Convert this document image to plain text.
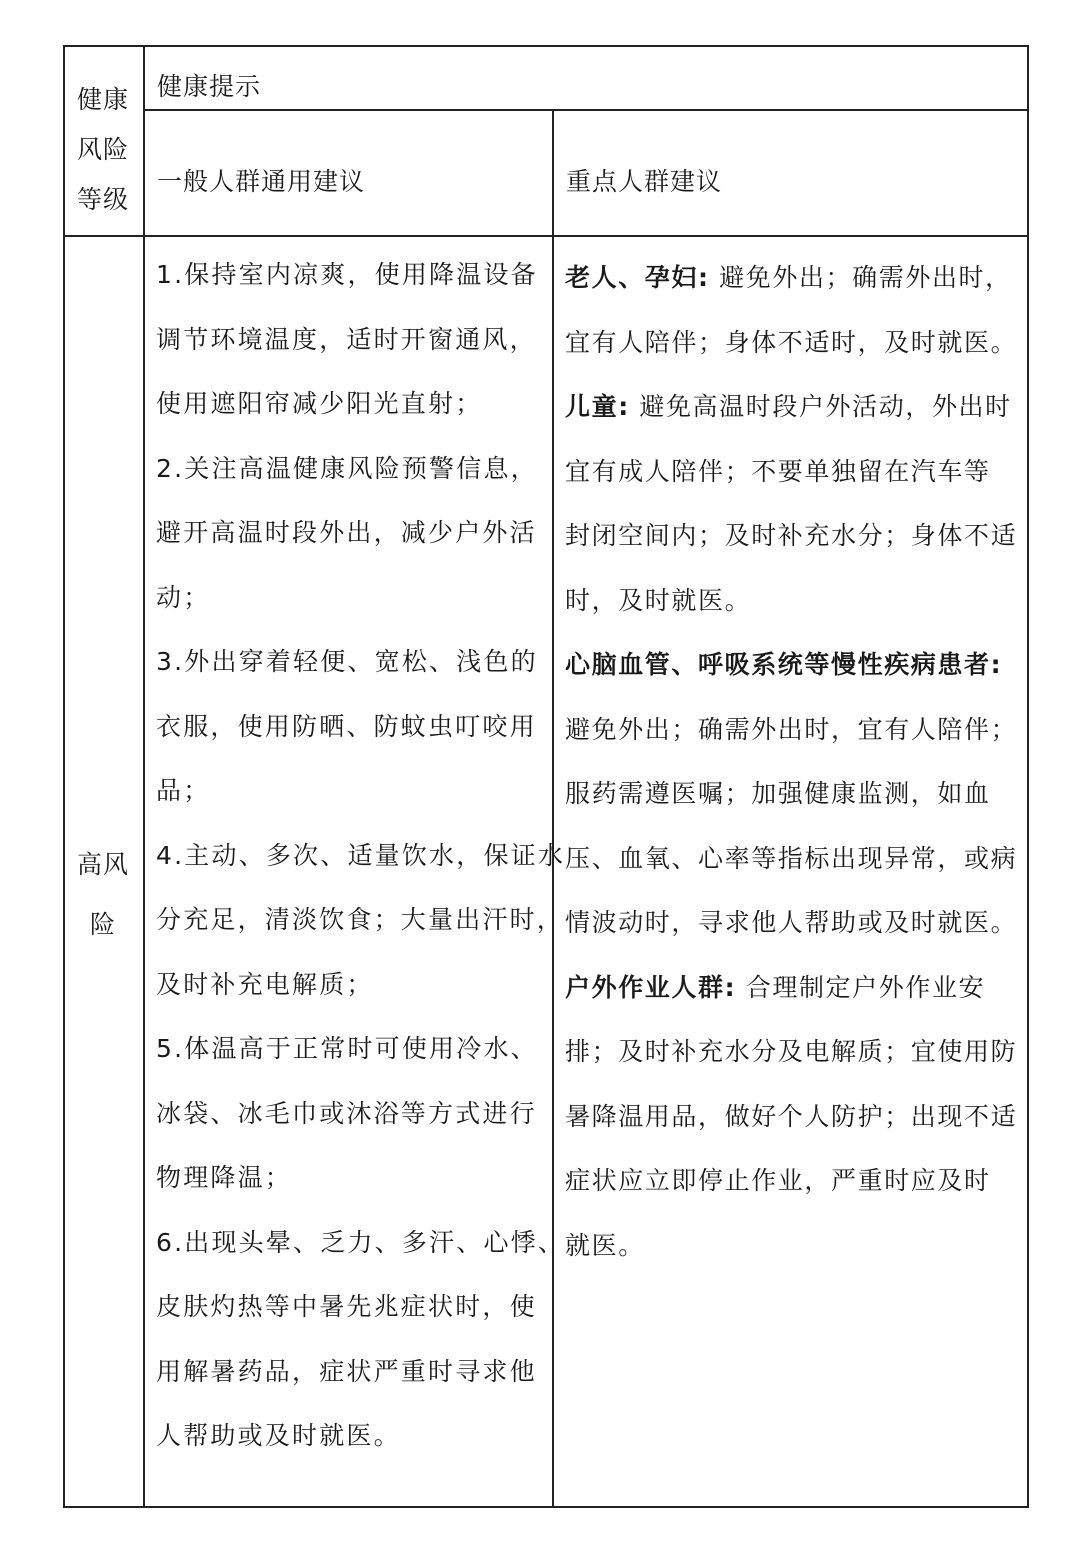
健康
风险
等级
健康提示
一般人群通用建议	重点人群建议
高风
险

1.保持室内凉爽，使用降温设备

调节环境温度，适时开窗通风，

使用遮阳帘减少阳光直射；

2.关注高温健康风险预警信息，

避开高温时段外出，减少户外活

动；

3.外出穿着轻便、宽松、浅色的

衣服，使用防晒、防蚊虫叮咬用

品；

4.主动、多次、适量饮水，保证水

分充足，清淡饮食；大量出汗时，

及时补充电解质；

5.体温高于正常时可使用冷水、

冰袋、冰毛巾或沐浴等方式进行

物理降温；

6.出现头晕、乏力、多汗、心悸、

皮肤灼热等中暑先兆症状时，使

用解暑药品，症状严重时寻求他

人帮助或及时就医。

老人、孕妇: 避免外出；确需外出时，

宜有人陪伴；身体不适时，及时就医。

儿童: 避免高温时段户外活动，外出时

宜有成人陪伴；不要单独留在汽车等

封闭空间内；及时补充水分；身体不适

时，及时就医。

心脑血管、呼吸系统等慢性疾病患者:

避免外出；确需外出时，宜有人陪伴；

服药需遵医嘱；加强健康监测，如血

压、血氧、心率等指标出现异常，或病

情波动时，寻求他人帮助或及时就医。

户外作业人群: 合理制定户外作业安

排；及时补充水分及电解质；宜使用防

暑降温用品，做好个人防护；出现不适

症状应立即停止作业，严重时应及时

就医。
